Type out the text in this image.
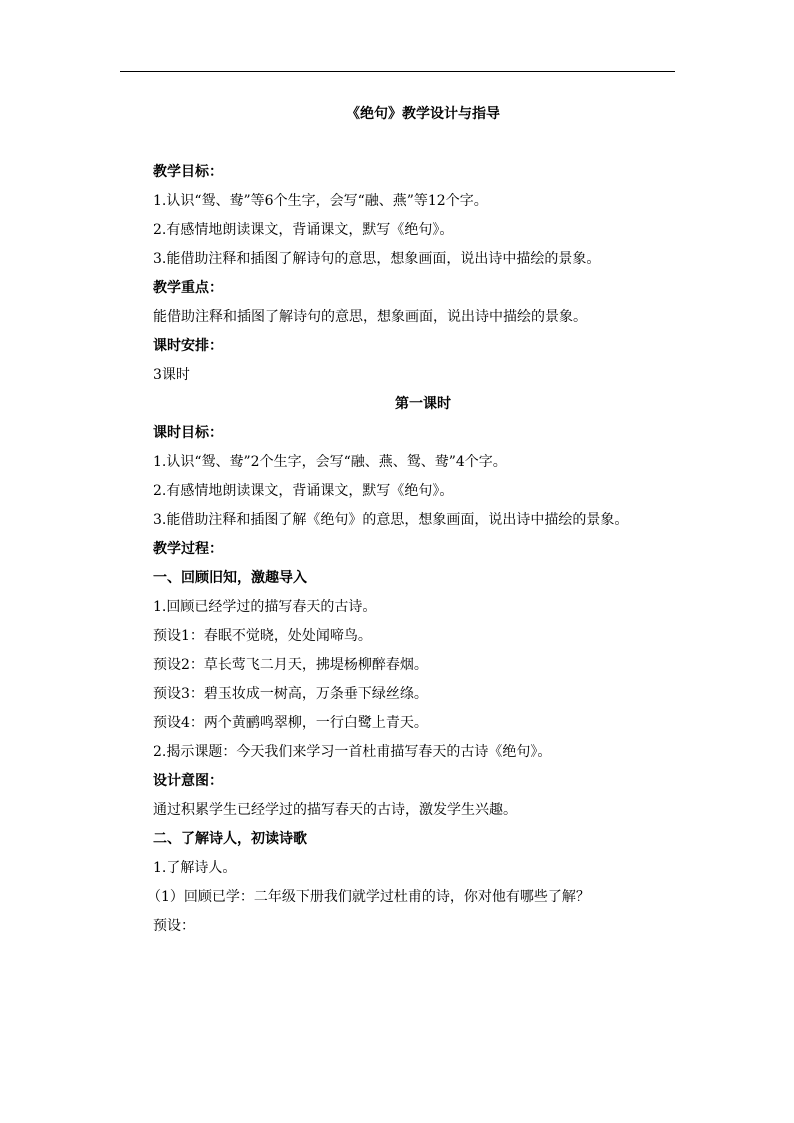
《绝句》教学设计与指导
教学目标：
1.认识“鸳、鸯”等6个生字，会写“融、燕”等12个字。
2.有感情地朗读课文，背诵课文，默写《绝句》。
3.能借助注释和插图了解诗句的意思，想象画面，说出诗中描绘的景象。
教学重点：
能借助注释和插图了解诗句的意思，想象画面，说出诗中描绘的景象。
课时安排：
3课时
第一课时
课时目标：
1.认识“鸳、鸯”2个生字，会写“融、燕、鸳、鸯”4个字。
2.有感情地朗读课文，背诵课文，默写《绝句》。
3.能借助注释和插图了解《绝句》的意思，想象画面，说出诗中描绘的景象。
教学过程：
一、回顾旧知，激趣导入
1.回顾已经学过的描写春天的古诗。
预设1：春眠不觉晓，处处闻啼鸟。
预设2：草长莺飞二月天，拂堤杨柳醉春烟。
预设3：碧玉妆成一树高，万条垂下绿丝绦。
预设4：两个黄鹂鸣翠柳，一行白鹭上青天。
2.揭示课题：今天我们来学习一首杜甫描写春天的古诗《绝句》。
设计意图：
通过积累学生已经学过的描写春天的古诗，激发学生兴趣。
二、了解诗人，初读诗歌
1.了解诗人。
（1）回顾已学：二年级下册我们就学过杜甫的诗，你对他有哪些了解？
预设：
